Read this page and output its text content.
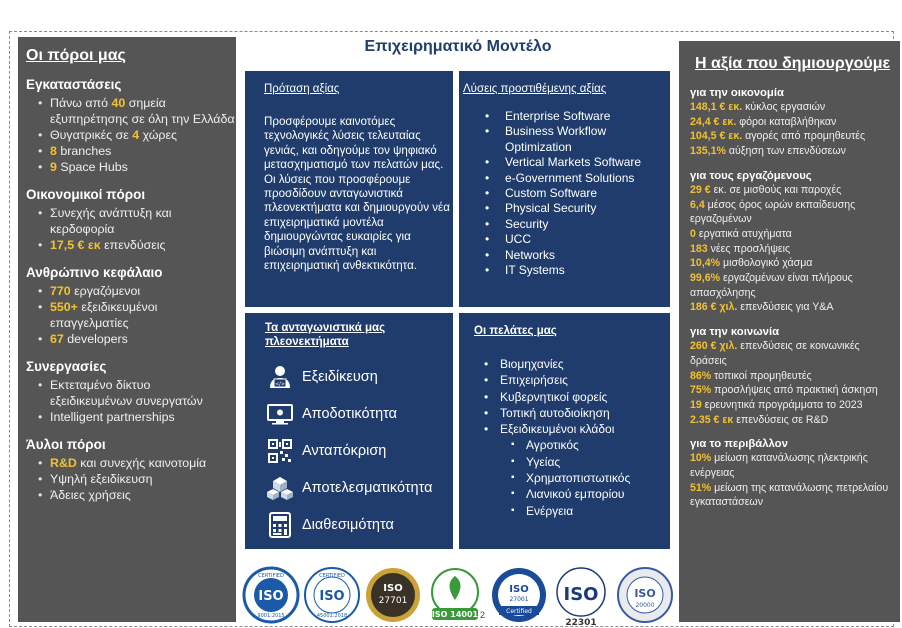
Επιχειρηματικό Μοντέλο
Οι πόροι μας
Εγκαταστάσεις
• Πάνω από 40 σημεία εξυπηρέτησης σε όλη την Ελλάδα
• Θυγατρικές σε 4 χώρες
• 8 branches
• 9 Space Hubs
Οικονομικοί πόροι
• Συνεχής ανάπτυξη και κερδοφορία
• 17,5 € εκ επενδύσεις
Ανθρώπινο κεφάλαιο
• 770 εργαζόμενοι
• 550+ εξειδικευμένοι επαγγελματίες
• 67 developers
Συνεργασίες
• Εκτεταμένο δίκτυο εξειδικευμένων συνεργατών
• Intelligent partnerships
Άυλοι πόροι
• R&D και συνεχής καινοτομία
• Υψηλή εξειδίκευση
• Άδειες χρήσεις
Πρόταση αξίας

Προσφέρουμε καινοτόμες τεχνολογικές λύσεις τελευταίας γενιάς, και οδηγούμε τον ψηφιακό μετασχηματισμό των πελατών μας. Οι λύσεις που προσφέρουμε προσδίδουν ανταγωνιστικά πλεονεκτήματα και δημιουργούν νέα επιχειρηματικά μοντέλα δημιουργώντας ευκαιρίες για βιώσιμη ανάπτυξη και επιχειρηματική ανθεκτικότητα.

Λύσεις προστιθέμενης αξίας
• Enterprise Software
• Business Workflow Optimization
• Vertical Markets Software
• e-Government Solutions
• Custom Software
• Physical Security
• Security
• UCC
• Networks
• IT Systems
Τα ανταγωνιστικά μας πλεονεκτήματα
</> Εξειδίκευση
Αποδοτικότητα
Ανταπόκριση
Αποτελεσματικότητα
Διαθεσιμότητα
Οι πελάτες μας
• Βιομηχανίες
• Επιχειρήσεις
• Κυβερνητικοί φορείς
• Τοπική αυτοδιοίκηση
• Εξειδικευμένοι κλάδοι
▪ Αγροτικός
▪ Υγείας
▪ Χρηματοπιστωτικός
▪ Λιανικού εμπορίου
▪ Ενέργεια
Η αξία που δημιουργούμε
για την οικονομία
148,1 € εκ. κύκλος εργασιών
24,4 € εκ. φόροι καταβλήθηκαν
104,5 € εκ. αγορές από προμηθευτές
135,1% αύξηση των επενδύσεων
για τους εργαζόμενους
29 € εκ. σε μισθούς και παροχές
6,4 μέσος όρος ωρών εκπαίδευσης εργαζομένων
0 εργατικά ατυχήματα
183 νέες προσλήψεις
10,4% μισθολογικό χάσμα
99,6% εργαζομένων είναι πλήρους απασχόλησης
186 € χιλ. επενδύσεις για Υ&Α
για την κοινωνία
260 € χιλ. επενδύσεις σε κοινωνικές δράσεις
86% τοπικοί προμηθευτές
75% προσλήψεις από πρακτική άσκηση
19 ερευνητικά προγράμματα το 2023
2.35 € εκ επενδύσεις σε R&D
για το περιβάλλον
10% μείωση κατανάλωσης ηλεκτρικής ενέργειας
51% μείωση της κατανάλωσης πετρελαίου εγκαταστάσεων
ISO
CERTIFIED
9001:2015
ISO
CERTIFIED
45001:2018
ISO
27701
ISO 14001
ISO
27001
Certified
ISO
22301
ISO
20000
2
